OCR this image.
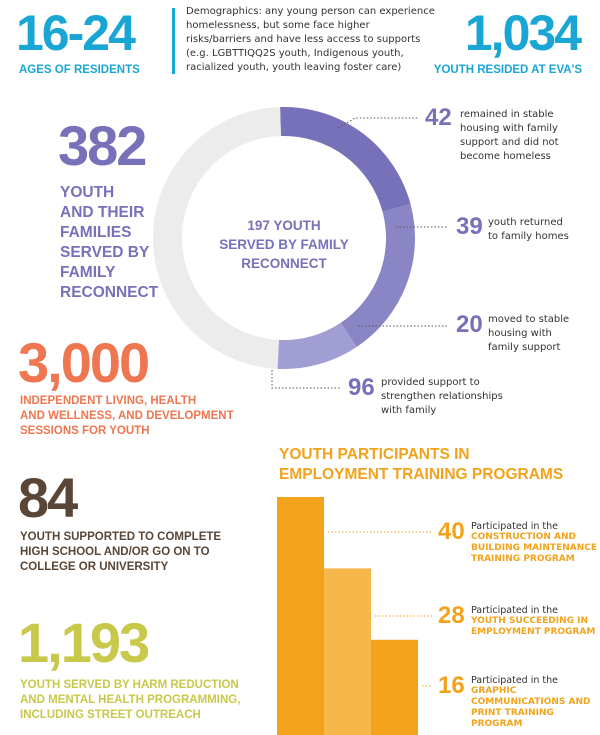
16-24
AGES OF RESIDENTS
Demographics: any young person can experience homelessness, but some face higher risks/barriers and have less access to supports (e.g. LGBTTIQQ2S youth, Indigenous youth, racialized youth, youth leaving foster care)
1,034
YOUTH RESIDED AT EVA'S
382
YOUTH
AND THEIR
FAMILIES
SERVED BY
FAMILY
RECONNECT
3,000
INDEPENDENT LIVING, HEALTH
AND WELLNESS, AND DEVELOPMENT
SESSIONS FOR YOUTH
84
YOUTH SUPPORTED TO COMPLETE
HIGH SCHOOL AND/OR GO ON TO
COLLEGE OR UNIVERSITY
1,193
YOUTH SERVED BY HARM REDUCTION
AND MENTAL HEALTH PROGRAMMING,
INCLUDING STREET OUTREACH
197 YOUTH
SERVED BY FAMILY
RECONNECT
42 remained in stable
housing with family
support and did not
become homeless
39 youth returned
to family homes
20 moved to stable
housing with
family support
96 provided support to
strengthen relationships
with family
YOUTH PARTICIPANTS IN
EMPLOYMENT TRAINING PROGRAMS
40 Participated in the
CONSTRUCTION AND
BUILDING MAINTENANCE
TRAINING PROGRAM
28 Participated in the
YOUTH SUCCEEDING IN
EMPLOYMENT PROGRAM
16 Participated in the
GRAPHIC
COMMUNICATIONS AND
PRINT TRAINING PROGRAM
